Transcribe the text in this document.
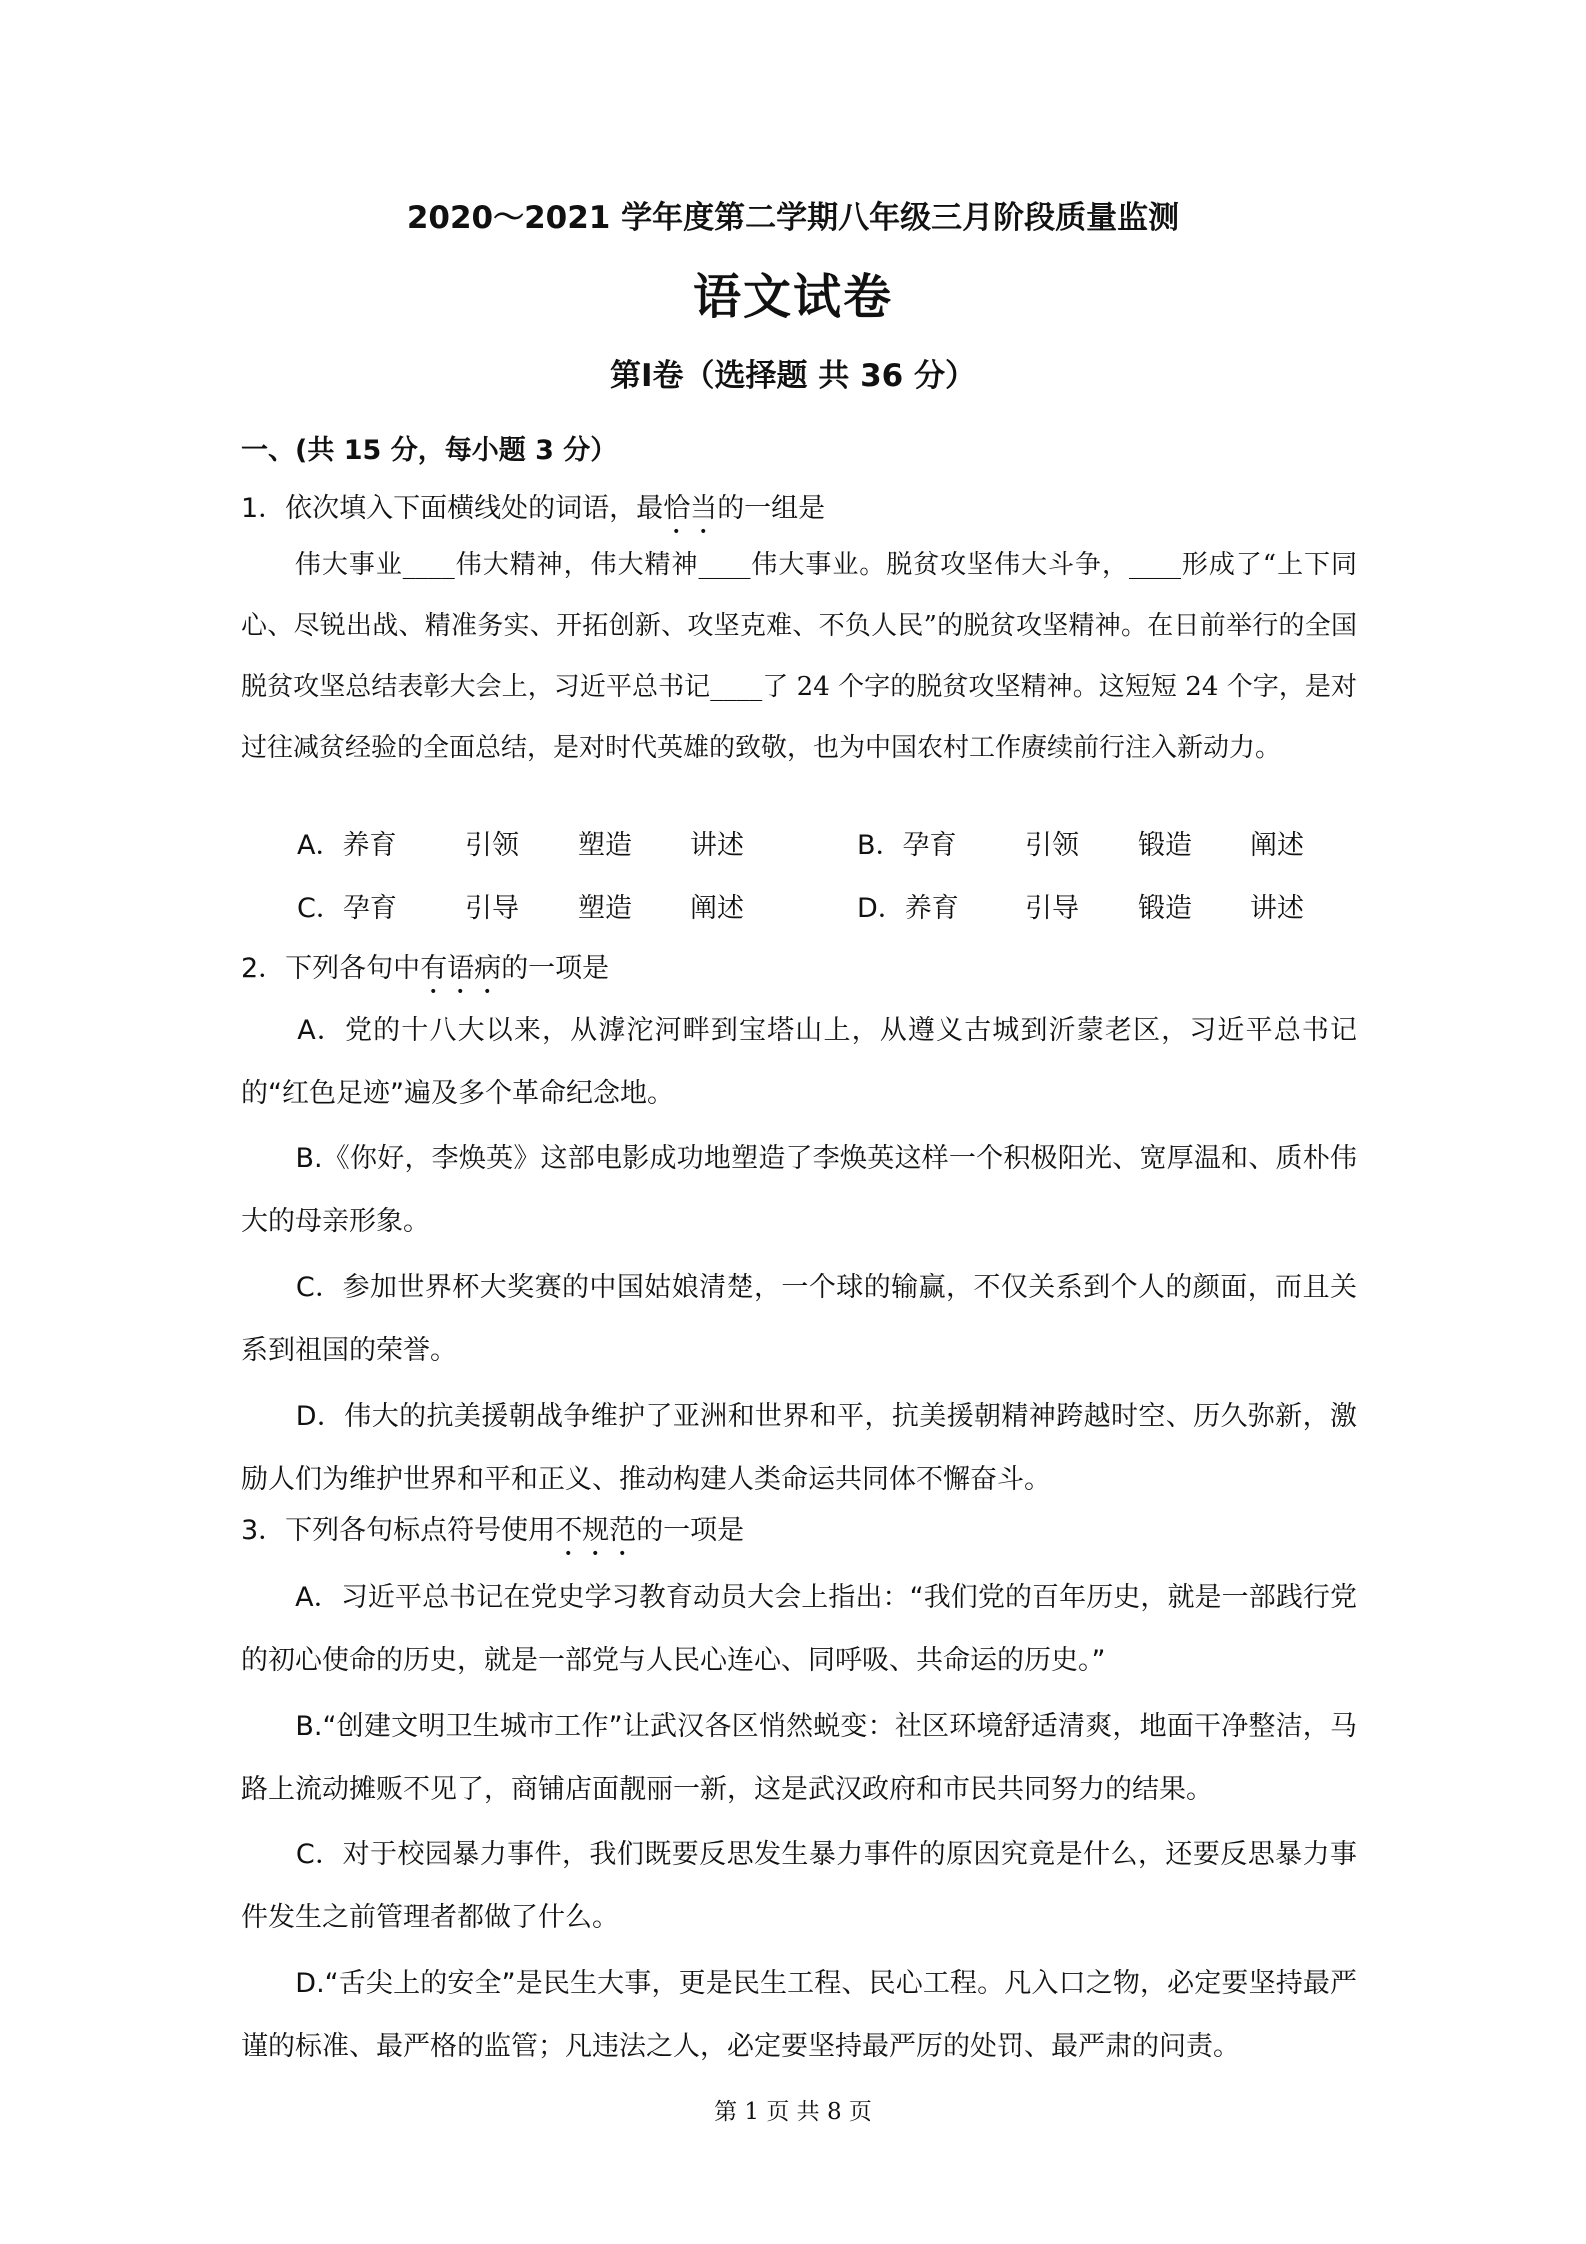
2020～2021 学年度第二学期八年级三月阶段质量监测
语文试卷
第Ⅰ卷（选择题 共 36 分）
一、(共 15 分，每小题 3 分）
1．依次填入下面横线处的词语，最恰当的一组是
　　伟大事业____伟大精神，伟大精神____伟大事业。脱贫攻坚伟大斗争，____形成了“上下同心、尽锐出战、精准务实、开拓创新、攻坚克难、不负人民”的脱贫攻坚精神。在日前举行的全国脱贫攻坚总结表彰大会上，习近平总书记____了 24 个字的脱贫攻坚精神。这短短 24 个字，是对过往减贫经验的全面总结，是对时代英雄的致敬，也为中国农村工作赓续前行注入新动力。
A．养育	引领 塑造 讲述	B．孕育	引领 锻造 阐述
C．孕育	引导 塑造 阐述	D．养育 引导 锻造 讲述
2．下列各句中有语病的一项是
　　A．党的十八大以来，从滹沱河畔到宝塔山上，从遵义古城到沂蒙老区，习近平总书记的“红色足迹”遍及多个革命纪念地。
　　B.《你好，李焕英》这部电影成功地塑造了李焕英这样一个积极阳光、宽厚温和、质朴伟大的母亲形象。
　　C．参加世界杯大奖赛的中国姑娘清楚，一个球的输赢，不仅关系到个人的颜面，而且关系到祖国的荣誉。
　　D．伟大的抗美援朝战争维护了亚洲和世界和平，抗美援朝精神跨越时空、历久弥新，激励人们为维护世界和平和正义、推动构建人类命运共同体不懈奋斗。
3．下列各句标点符号使用不规范的一项是
　　A．习近平总书记在党史学习教育动员大会上指出：“我们党的百年历史，就是一部践行党的初心使命的历史，就是一部党与人民心连心、同呼吸、共命运的历史。”
　　B.“创建文明卫生城市工作”让武汉各区悄然蜕变：社区环境舒适清爽，地面干净整洁，马路上流动摊贩不见了，商铺店面靓丽一新，这是武汉政府和市民共同努力的结果。
　　C．对于校园暴力事件，我们既要反思发生暴力事件的原因究竟是什么，还要反思暴力事件发生之前管理者都做了什么。
　　D.“舌尖上的安全”是民生大事，更是民生工程、民心工程。凡入口之物，必定要坚持最严谨的标准、最严格的监管；凡违法之人，必定要坚持最严厉的处罚、最严肃的问责。
第 1 页 共 8 页
